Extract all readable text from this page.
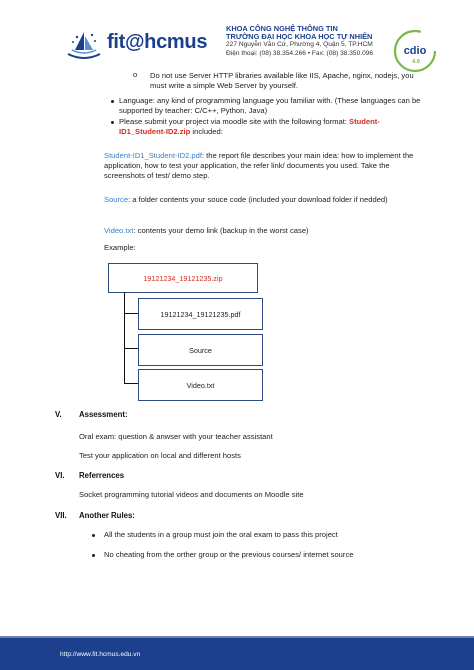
fit@hcmus
KHOA CÔNG NGHỆ THÔNG TIN
TRƯỜNG ĐẠI HỌC KHOA HỌC TỰ NHIÊN
227 Nguyễn Văn Cừ, Phường 4, Quận 5, TP.HCM
Điện thoại: (08) 38.354.266 • Fax: (08) 38.350.096	cdio
4.0
o Do not use Server HTTP libraries available like IIS, Apache, nginx, nodejs, you must write a simple Web Server by yourself.
Language: any kind of programming language you familiar with. (These languages can be supported by teacher: C/C++, Python, Java)
Please submit your project via moodle site with the following format: Student-ID1_Student-ID2.zip included:
Student-ID1_Student-ID2.pdf: the report file describes your main idea: how to implement the application, how to test your application, the refer link/ documents you used. Take the screenshots of test/ demo step.
Source: a folder contents your souce code (included your download folder if nedded)
Video.txt: contents your demo link (backup in the worst case)
Example:
19121234_19121235.zip
19121234_19121235.pdf
Source
Video.txt
V. Assessment:
Oral exam: question & anwser with your teacher assistant
Test your application on local and different hosts
VI. Referrences
Socket programming tutorial videos and documents on Moodle site
VII. Another Rules:
All the students in a group must join the oral exam to pass this project
No cheating from the orther group or the previous courses/ internet source
http://www.fit.hcmus.edu.vn
